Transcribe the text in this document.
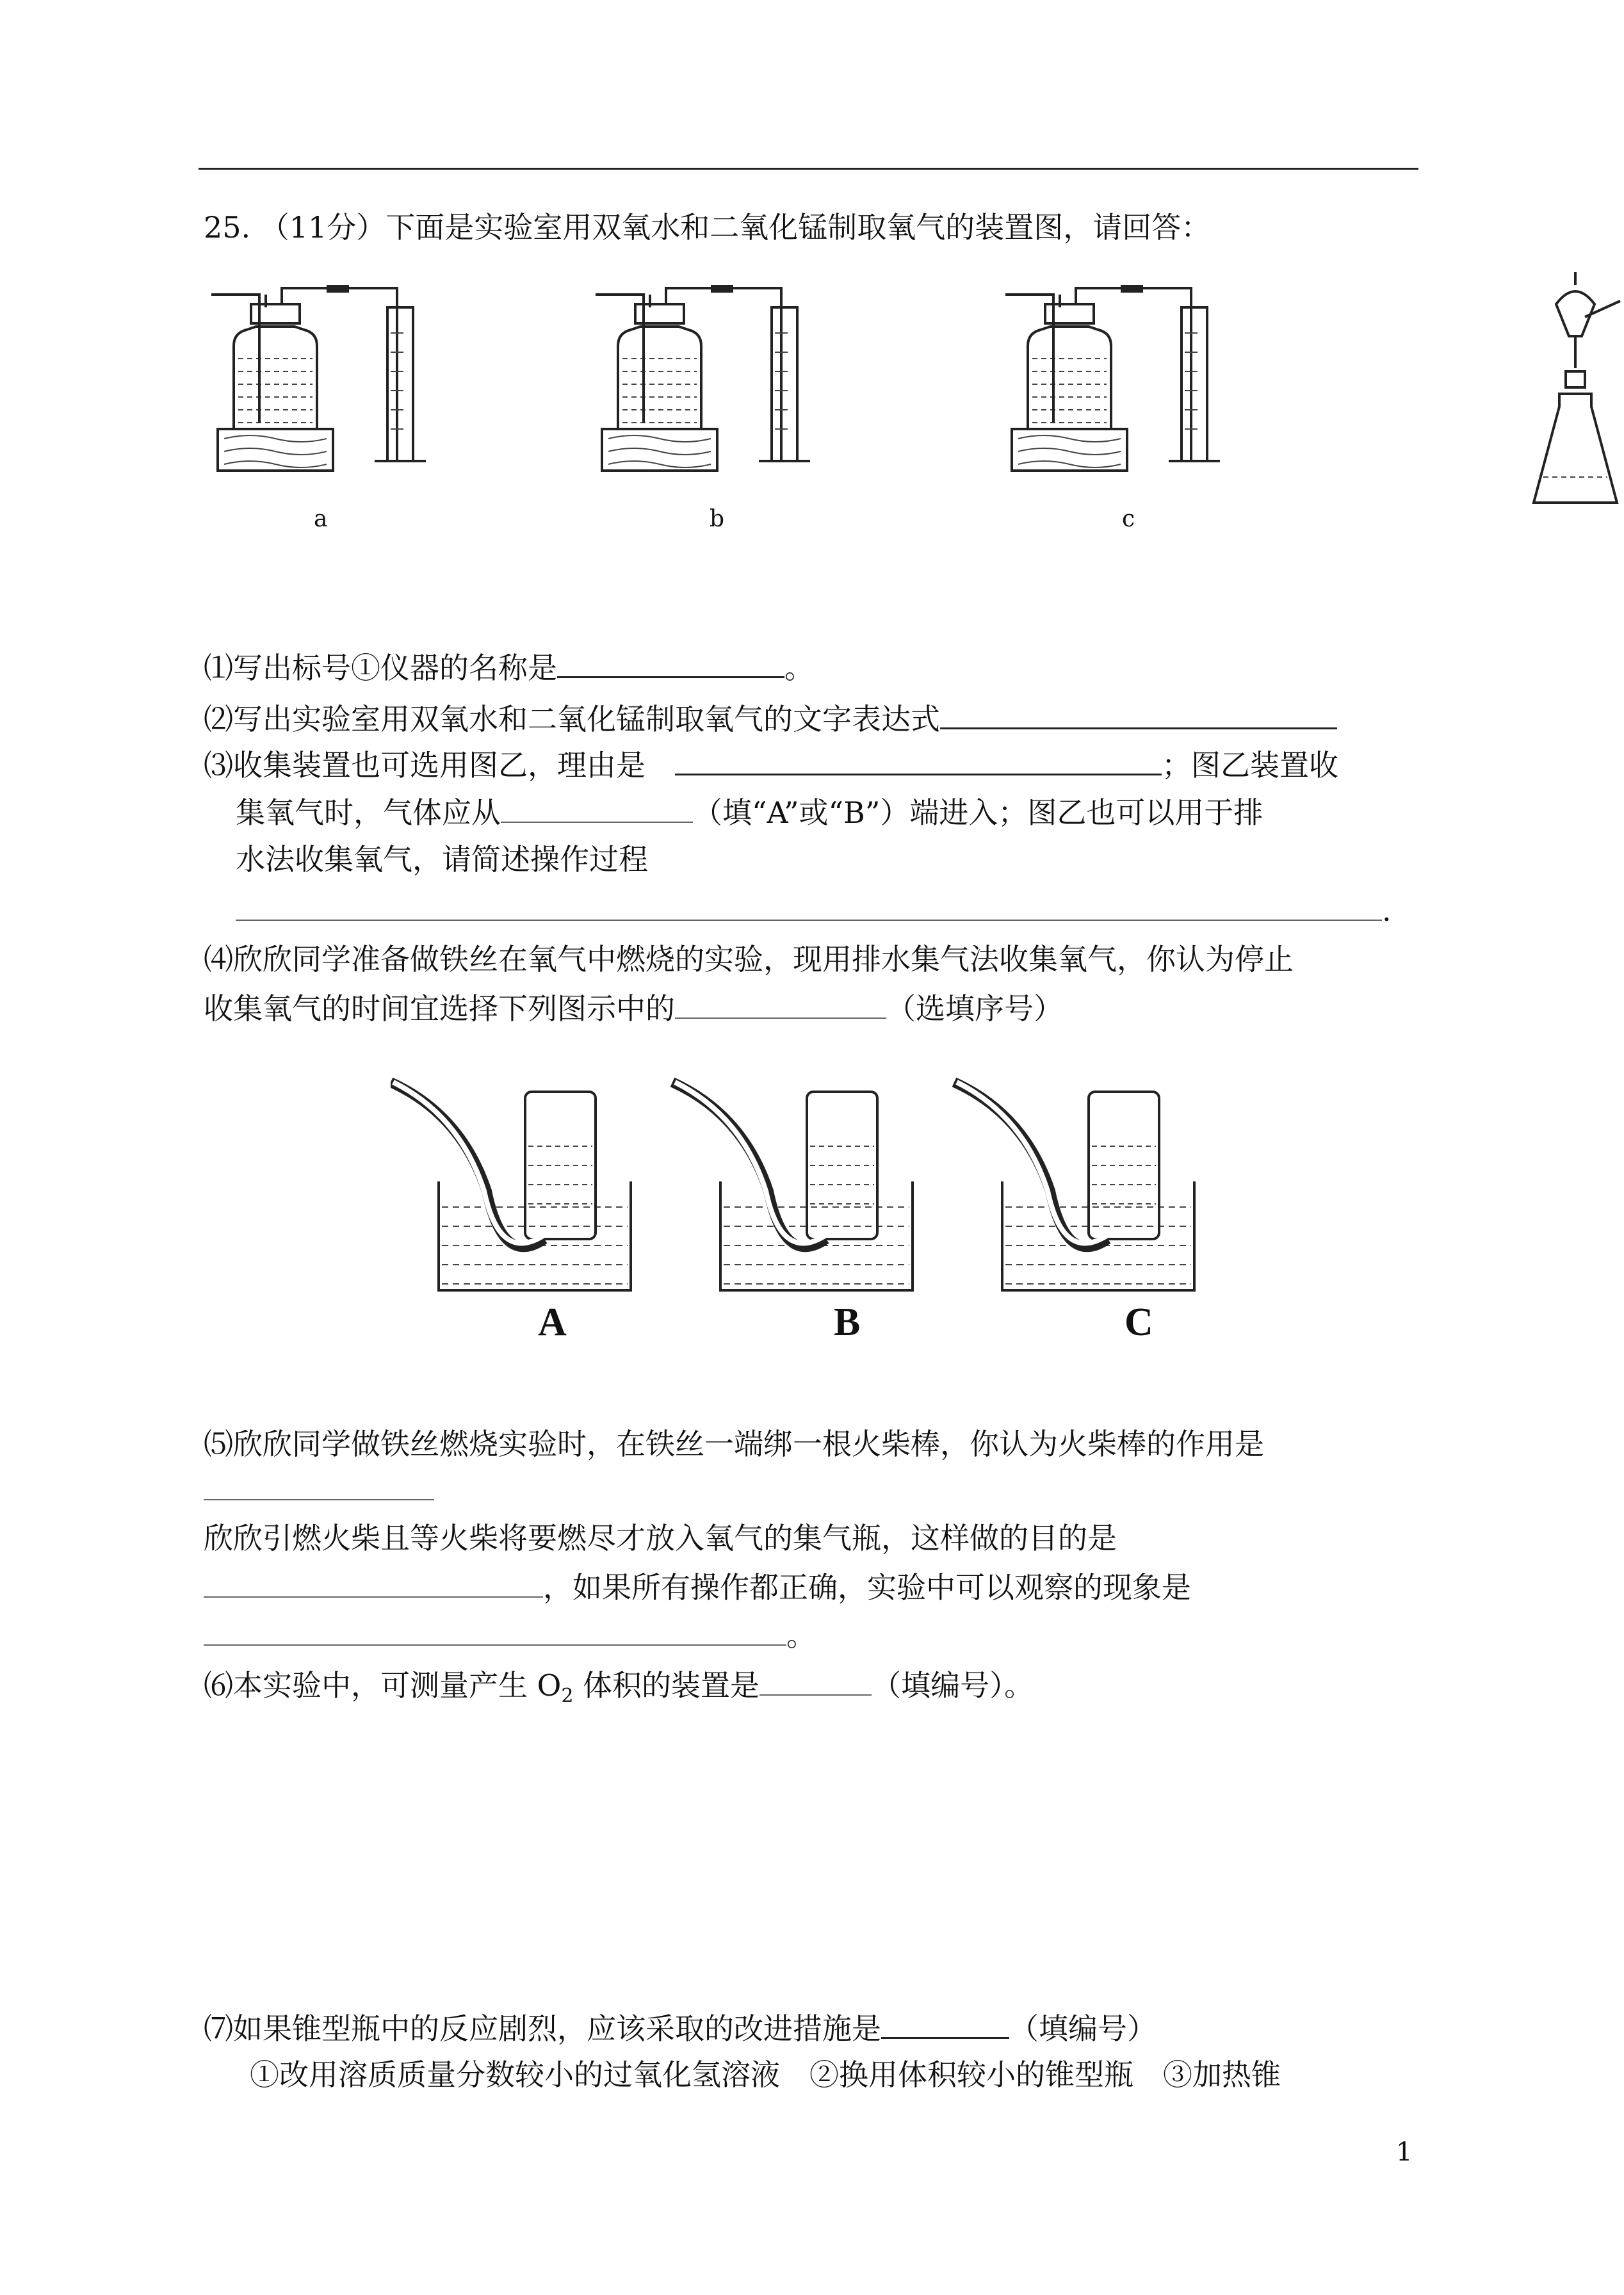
25. （11分）下面是实验室用双氧水和二氧化锰制取氧气的装置图，请回答：
a	b	c
⑴写出标号①仪器的名称是	。
⑵写出实验室用双氧水和二氧化锰制取氧气的文字表达式
⑶收集装置也可选用图乙，理由是　	；图乙装置收
集氧气时，气体应从	（填“A”或“B”）端进入；图乙也可以用于排
水法收集氧气，请简述操作过程
.
⑷欣欣同学准备做铁丝在氧气中燃烧的实验，现用排水集气法收集氧气，你认为停止
收集氧气的时间宜选择下列图示中的	（选填序号）
A	B	C
⑸欣欣同学做铁丝燃烧实验时，在铁丝一端绑一根火柴棒，你认为火柴棒的作用是
欣欣引燃火柴且等火柴将要燃尽才放入氧气的集气瓶，这样做的目的是
，如果所有操作都正确，实验中可以观察的现象是
。
⑹本实验中，可测量产生 $O_2$ 体积的装置是	（填编号）。
⑺如果锥型瓶中的反应剧烈，应该采取的改进措施是	（填编号）
①改用溶质质量分数较小的过氧化氢溶液　②换用体积较小的锥型瓶　③加热锥
1
